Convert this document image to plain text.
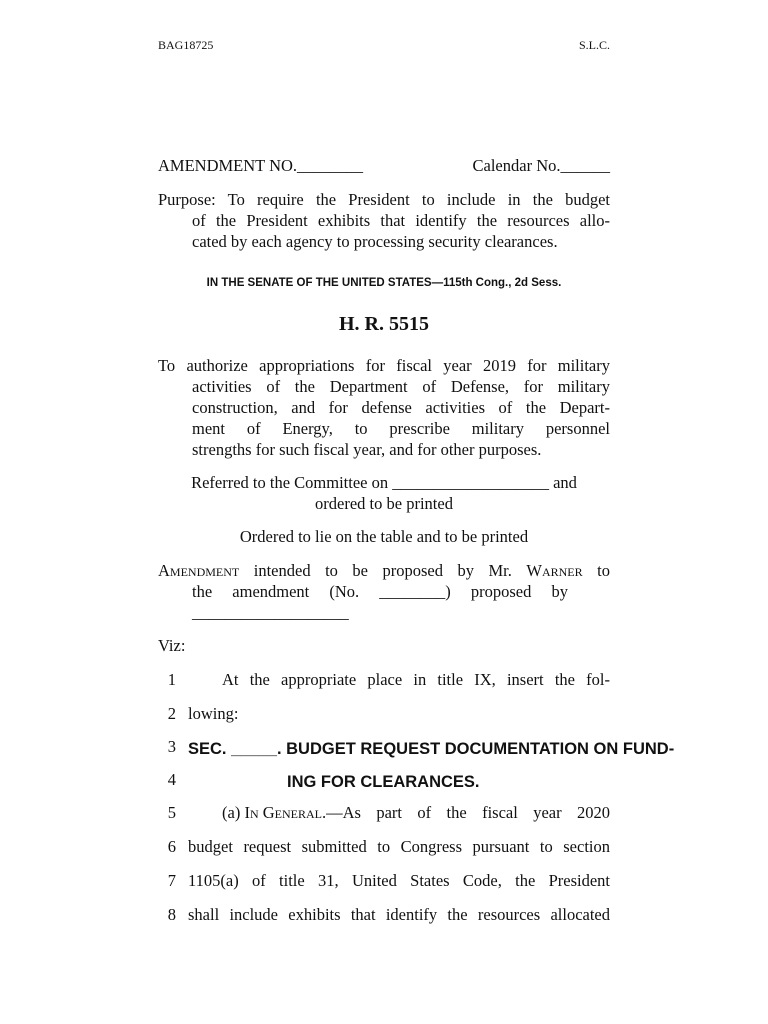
BAG18725	S.L.C.
AMENDMENT NO.________	Calendar No.______
Purpose: To require the President to include in the budget
of the President exhibits that identify the resources allo-
cated by each agency to processing security clearances.
IN THE SENATE OF THE UNITED STATES—115th Cong., 2d Sess.
H. R. 5515
To authorize appropriations for fiscal year 2019 for military
activities of the Department of Defense, for military
construction, and for defense activities of the Depart-
ment of Energy, to prescribe military personnel
strengths for such fiscal year, and for other purposes.
Referred to the Committee on ___________________ and
ordered to be printed
Ordered to lie on the table and to be printed
Amendment intended to be proposed by Mr. Warner to
the amendment (No. ________) proposed by
___________________
Viz:
1	At the appropriate place in title IX, insert the fol-
2 lowing:
3 SEC. _____. BUDGET REQUEST DOCUMENTATION ON FUND-
4	ING FOR CLEARANCES.
5	(a) In General .—As part of the fiscal year 2020
6 budget request submitted to Congress pursuant to section
7 1105(a) of title 31, United States Code, the President
8 shall include exhibits that identify the resources allocated
